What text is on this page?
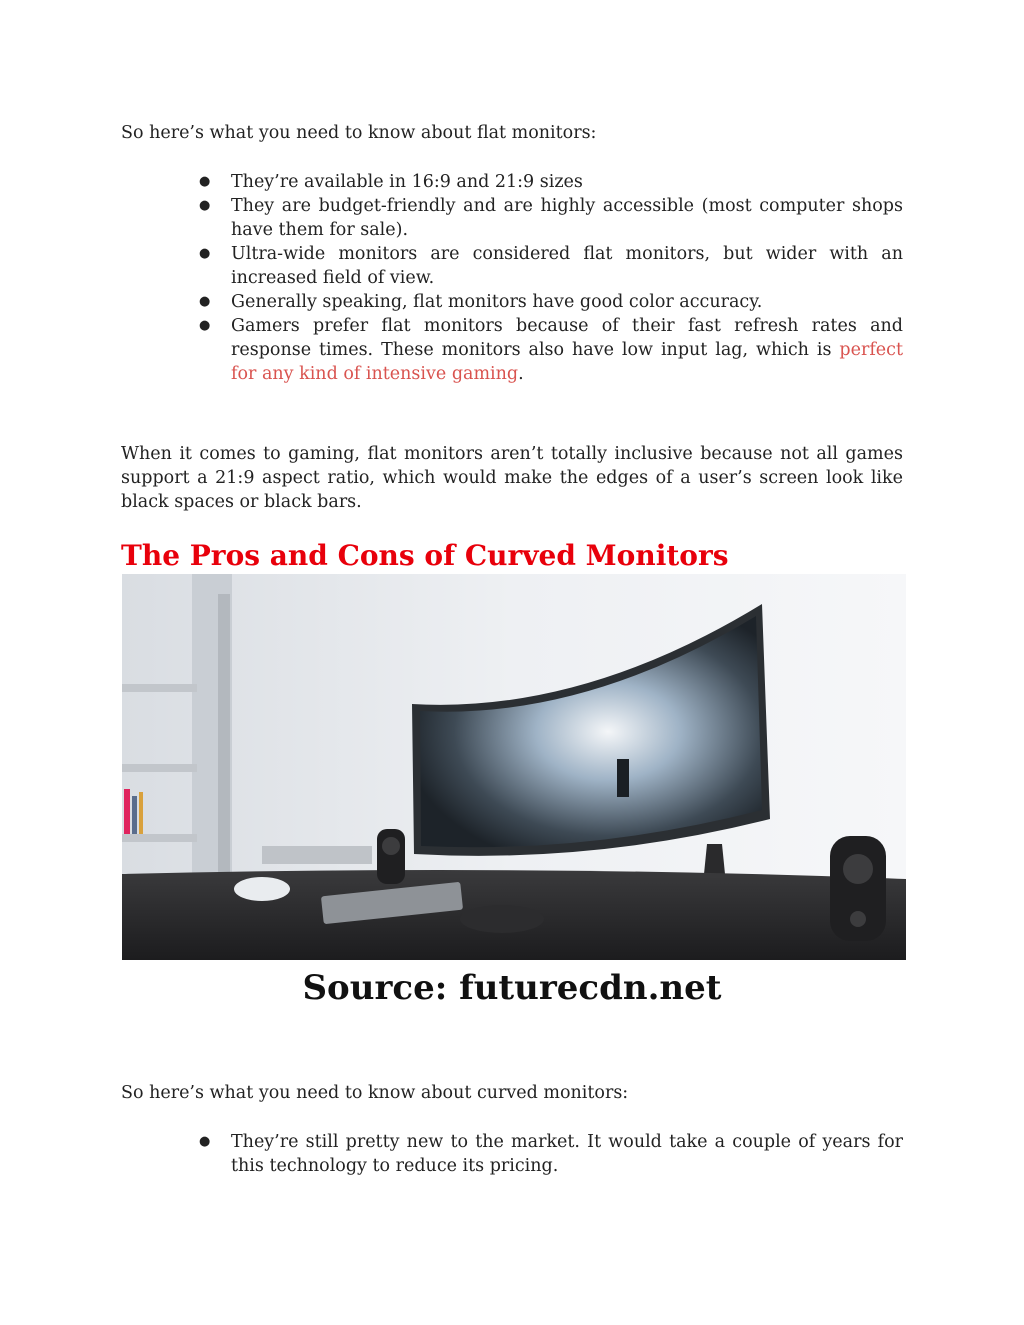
So here’s what you need to know about flat monitors:

● They’re available in 16:9 and 21:9 sizes
● They are budget-friendly and are highly accessible (most computer shops have them for sale).
● Ultra-wide monitors are considered flat monitors, but wider with an increased field of view.
● Generally speaking, flat monitors have good color accuracy.
● Gamers prefer flat monitors because of their fast refresh rates and response times. These monitors also have low input lag, which is perfect for any kind of intensive gaming.

When it comes to gaming, flat monitors aren’t totally inclusive because not all games support a 21:9 aspect ratio, which would make the edges of a user’s screen look like black spaces or black bars.

The Pros and Cons of Curved Monitors

Source: futurecdn.net

So here’s what you need to know about curved monitors:

● They’re still pretty new to the market. It would take a couple of years for this technology to reduce its pricing.
